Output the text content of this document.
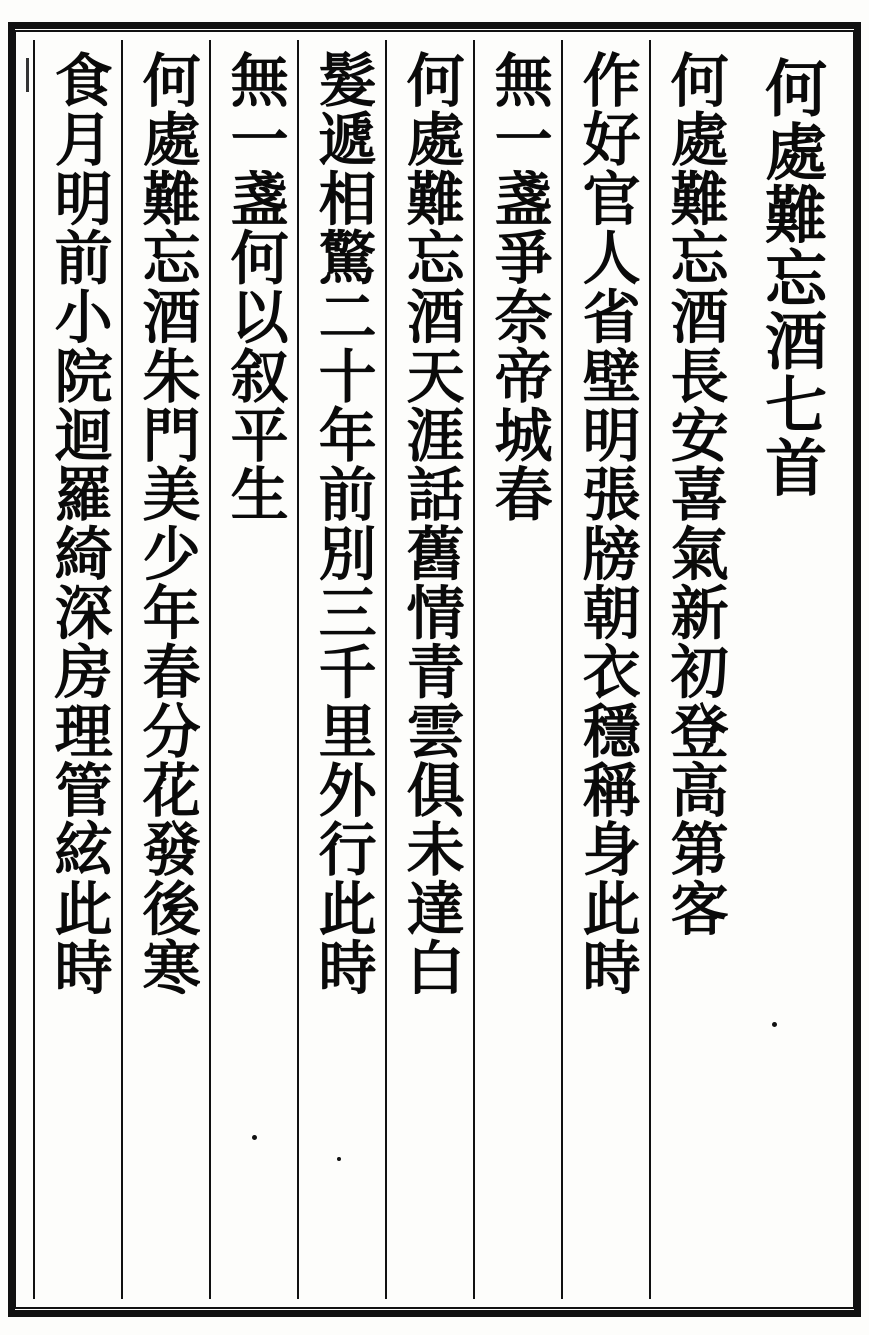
何處難忘酒七首
何處難忘酒長安喜氣新初登高第客
作好官人省壁明張牓朝衣穩稱身此時
無一盞爭奈帝城春
何處難忘酒天涯話舊情青雲俱未達白
髮遞相驚二十年前別三千里外行此時
無一盞何以叙平生
何處難忘酒朱門美少年春分花發後寒
食月明前小院迴羅綺深房理管絃此時
